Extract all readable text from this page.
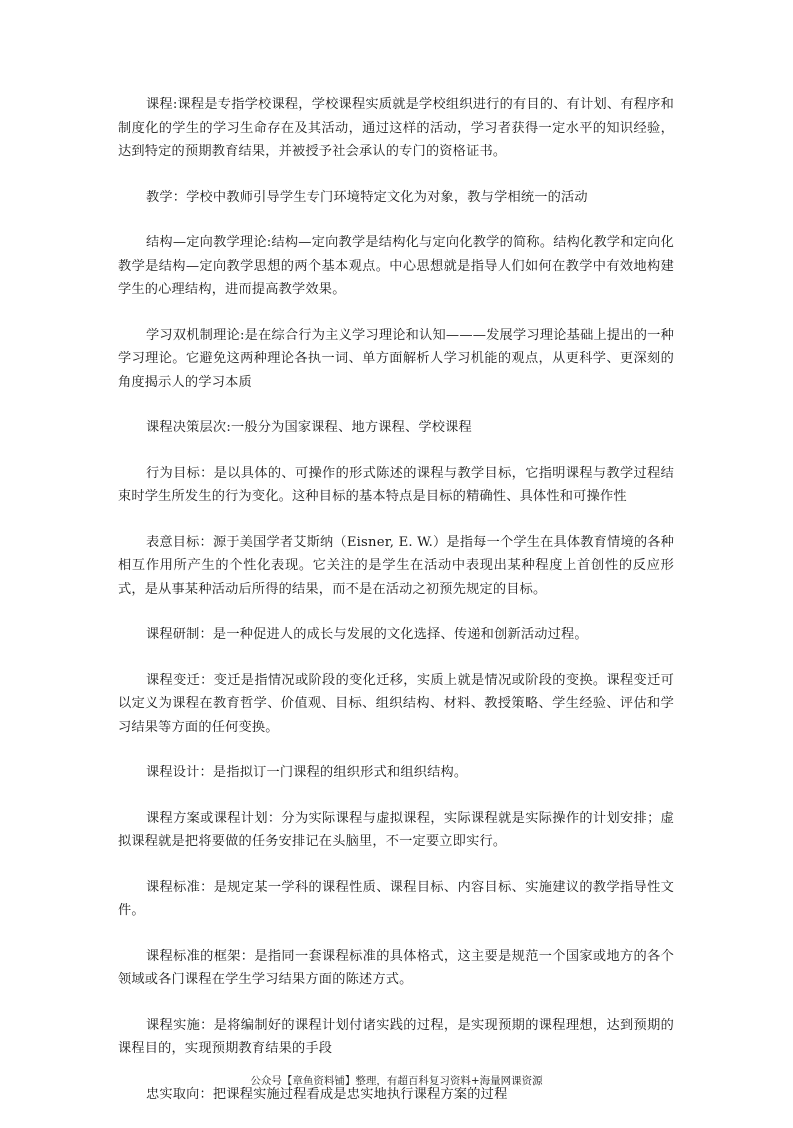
课程:课程是专指学校课程，学校课程实质就是学校组织进行的有目的、有计划、有程序和制度化的学生的学习生命存在及其活动，通过这样的活动，学习者获得一定水平的知识经验，达到特定的预期教育结果，并被授予社会承认的专门的资格证书。

教学：学校中教师引导学生专门环境特定文化为对象，教与学相统一的活动

结构—定向教学理论:结构—定向教学是结构化与定向化教学的简称。结构化教学和定向化教学是结构—定向教学思想的两个基本观点。中心思想就是指导人们如何在教学中有效地构建学生的心理结构，进而提高教学效果。

学习双机制理论:是在综合行为主义学习理论和认知———发展学习理论基础上提出的一种学习理论。它避免这两种理论各执一词、单方面解析人学习机能的观点，从更科学、更深刻的角度揭示人的学习本质

课程决策层次:一般分为国家课程、地方课程、学校课程

行为目标：是以具体的、可操作的形式陈述的课程与教学目标，它指明课程与教学过程结束时学生所发生的行为变化。这种目标的基本特点是目标的精确性、具体性和可操作性

表意目标：源于美国学者艾斯纳（Eisner, E. W.）是指每一个学生在具体教育情境的各种相互作用所产生的个性化表现。它关注的是学生在活动中表现出某种程度上首创性的反应形式，是从事某种活动后所得的结果，而不是在活动之初预先规定的目标。

课程研制：是一种促进人的成长与发展的文化选择、传递和创新活动过程。

课程变迁：变迁是指情况或阶段的变化迁移，实质上就是情况或阶段的变换。课程变迁可以定义为课程在教育哲学、价值观、目标、组织结构、材料、教授策略、学生经验、评估和学习结果等方面的任何变换。

课程设计：是指拟订一门课程的组织形式和组织结构。

课程方案或课程计划：分为实际课程与虚拟课程，实际课程就是实际操作的计划安排；虚拟课程就是把将要做的任务安排记在头脑里，不一定要立即实行。

课程标准：是规定某一学科的课程性质、课程目标、内容目标、实施建议的教学指导性文件。

课程标准的框架：是指同一套课程标准的具体格式，这主要是规范一个国家或地方的各个领域或各门课程在学生学习结果方面的陈述方式。

课程实施：是将编制好的课程计划付诸实践的过程，是实现预期的课程理想，达到预期的课程目的，实现预期教育结果的手段

忠实取向：把课程实施过程看成是忠实地执行课程方案的过程

公众号【章鱼资料铺】整理，有超百科复习资料+海量网课资源
